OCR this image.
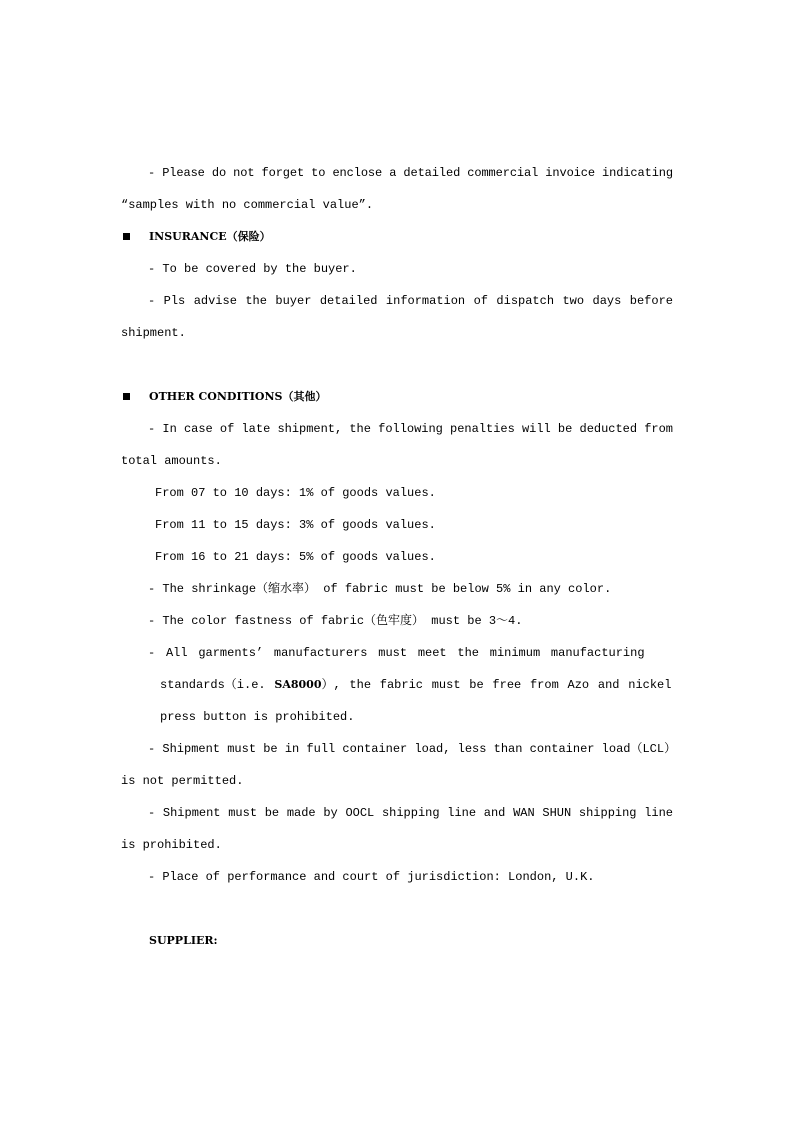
- Please do not forget to enclose a detailed commercial invoice indicating
“samples with no commercial value”.
INSURANCE（保险）
- To be covered by the buyer.
- Pls advise the buyer detailed information of dispatch two days before
shipment.
OTHER CONDITIONS（其他）
- In case of late shipment, the following penalties will be deducted from
total amounts.
From 07 to 10 days: 1% of goods values.
From 11 to 15 days: 3% of goods values.
From 16 to 21 days: 5% of goods values.
- The shrinkage（缩水率） of fabric must be below 5% in any color.
- The color fastness of fabric（色牢度） must be 3～4.
- All garments’ manufacturers must meet the minimum manufacturing
standards（i.e. SA8000）, the fabric must be free from Azo and nickel
press button is prohibited.
- Shipment must be in full container load, less than container load（LCL）
is not permitted.
- Shipment must be made by OOCL shipping line and WAN SHUN shipping line
is prohibited.
- Place of performance and court of jurisdiction: London, U.K.
SUPPLIER:
